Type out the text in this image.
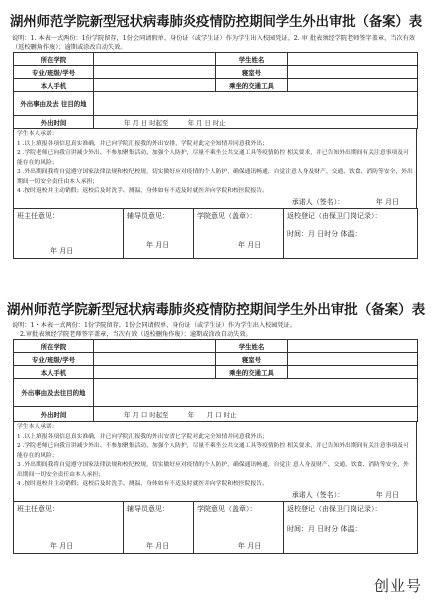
湖州师范学院新型冠状病毒肺炎疫情防控期间学生外出审批（备案）表
说明：1. 本表一式两份：1份学院留存，1份会同请假单、身份证（或学生证）作为学生出入校园凭证。2. 审 批表须经学院老师签字盖章，当次有效（返校删角作废）；逾期或涂改自动失效。
所在学院		学生姓名	
专业/班级/学号		寝室号	
本人手机		乘坐的交通工具	
外出事由及去 往目的地			
外出时间	年 月 日 时起至　　　年 月 日 时止		
学生本人承诺：
1 .以上填报各项信息真实准确，并已向学院汇报我的外出安排，学院对此完全知情并同意我外出；
2 .学院老师已向我宣讲减少外出、不参加聚集活动、加强个人防护，尽量不乘坐公共交通工具等疫情防控 相关要求，并已告知外出期间有关注意事项及可能存在的风险；
3 .外出期间我将自觉遵守国家法律法规和校纪校规，切实做好应对疫情的个人防护，确保通讯畅通，自觉注意人身及财产、交通、饮食、消防等安全，外出期间一切安全责任由本人承担；
4 .按时返校并主动销假；返校后及时洗手、测温，身体如有不适及时就医并向学院和校医院报告。
承诺人（签名）：　　　　　年 月日
班主任意见：
年 月日
	辅导员意见：
年 月日
	学院意见（盖章）：
年 月日

返校登记（由保卫门岗记录）：
时间：月 日时分 体温：
湖州师范学院新型冠状病毒肺炎疫情防控期间学生外出审批（备案）表
说明：1・本表一式两份：1份学院留存，1份会同请假单、身份证（或学生证）作为学生出入校园凭证。
2.审批表须经学院老师签字盖章，当次有效（返校删角作废）；逾期或涂改自动失效。
所在学院		学生姓名	
专业/班级/学号		寝室号	
本人手机		乘坐的交通工具	
外出事由及去往目的地			
外出时间	年 月 口 时起至　　　年　　月 口 时止		
学生本人承诺：
1 .以上填报各项信息真实准确，并已向学院汇报我的外出安省匕学院对此完全知情并同意我外出；
2 .学院老师已向我宣讲减少外出、不参加聚集活动、加强个人防护，尽量不乘坐公共交通工具等疫情防控 相关要求，并已告知外出期间有关注意事项及可能存在的风险；
3 .外出期间我将自觉遵守国家法律法规和校纪校规，切实做好应对疫情的个人防护，确保通讯畅通，自觉注 意人身及财产、交通、饮食、消防等安全，外出期间一切安全责任由本人承担；
4 .按时返校并主动销假；返校后及时洗手、测温，身体如有不适及时就医并向学院和校医院报告。
承诺人（签名）：　　　　　年 月日
班主任意见：
年 月日
	辅导员意见：
年 月日
	学院意见（盖章）：
年 月日

返校登记（由保卫门岗记录）：
时间：月 日时分 体温：
创业号
